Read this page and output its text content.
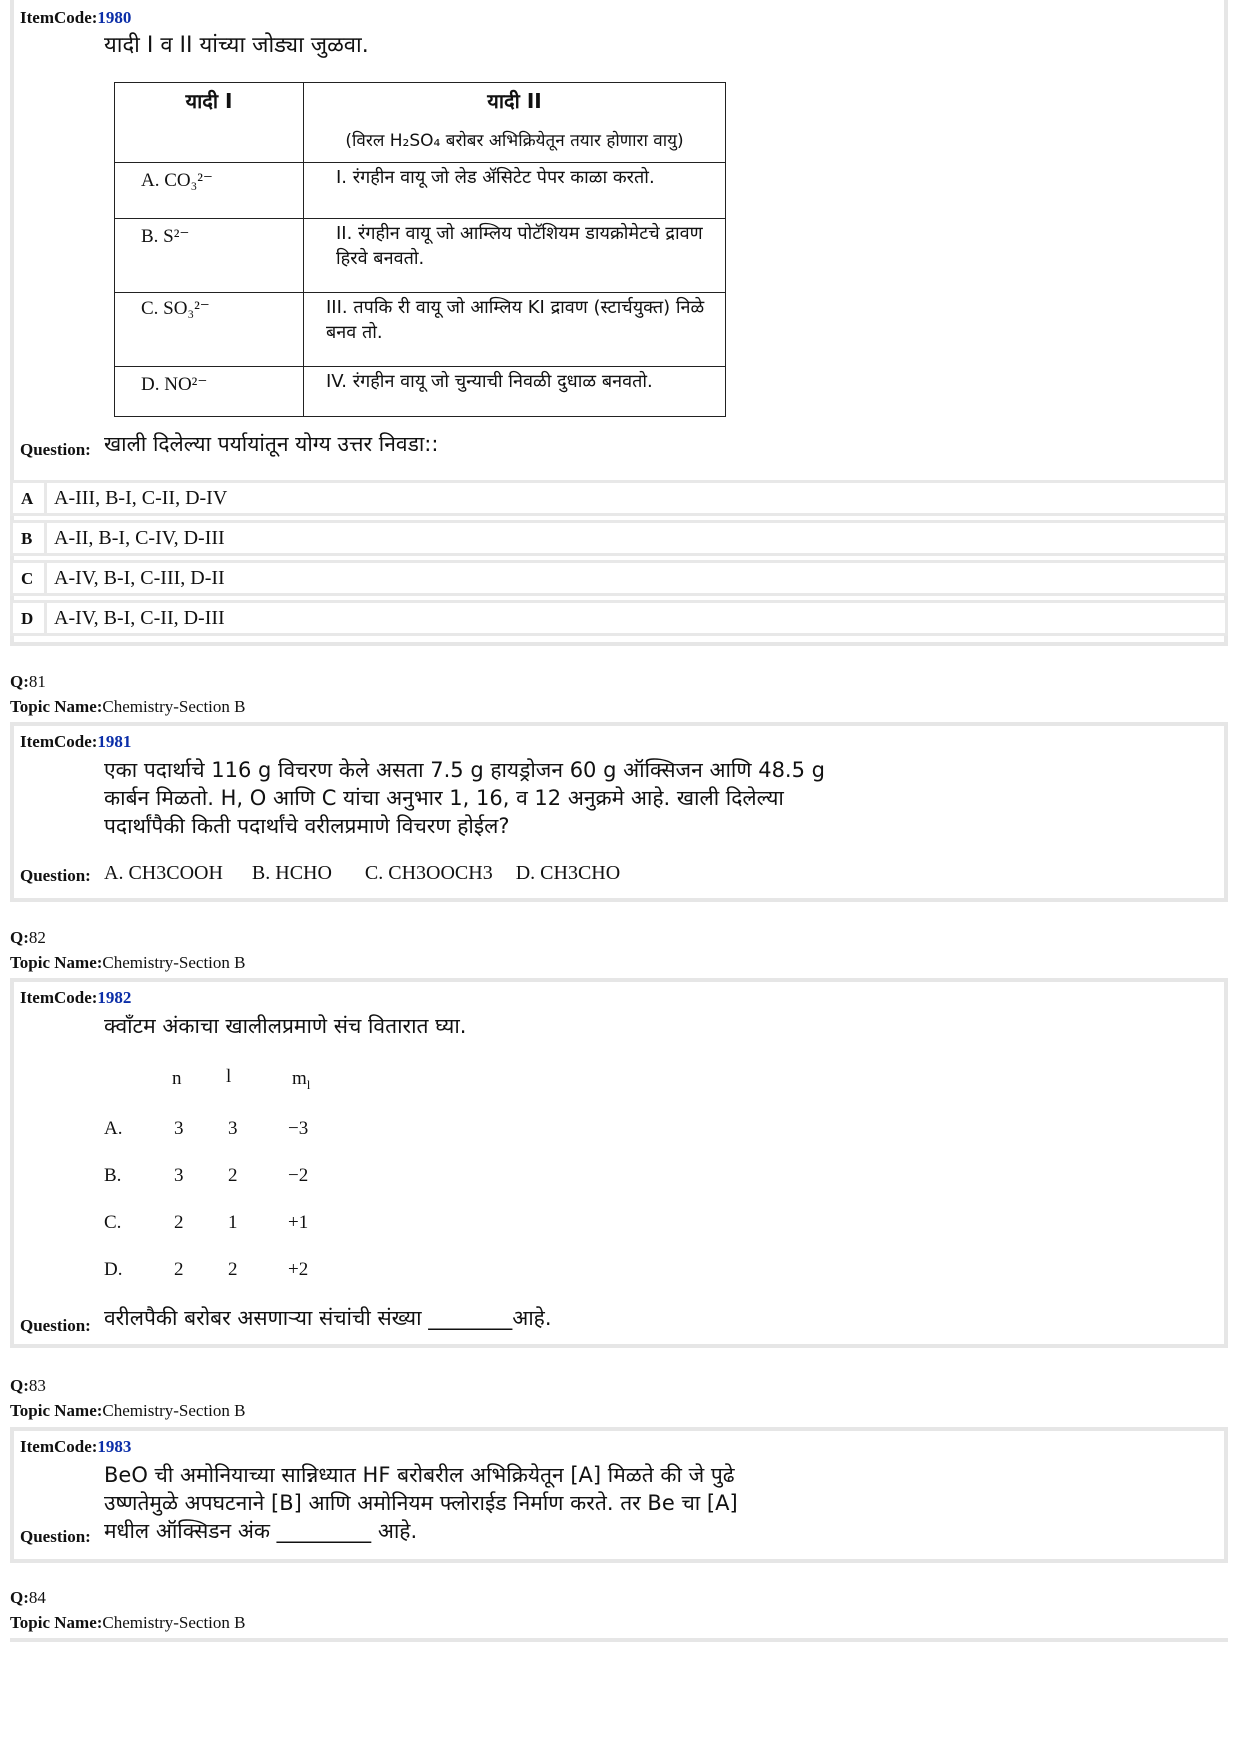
ItemCode:1980
यादी I व II यांच्या जोड्या जुळवा.
यादी I	यादी II
(विरल H₂SO₄ बरोबर अभिक्रियेतून तयार होणारा वायु)

A. CO₃²⁻	I. रंगहीन वायू जो लेड ॲसिटेट पेपर काळा करतो.

B. S²⁻	II. रंगहीन वायू जो आम्लिय पोटॅशियम डायक्रोमेटचे द्रावण हिरवे बनवतो.

C. SO₃²⁻	III. तपकि री वायू जो आम्लिय KI द्रावण (स्टार्चयुक्त) निळे बनव तो.

D. NO²⁻	IV. रंगहीन वायू जो चुन्याची निवळी दुधाळ बनवतो.
Question: खाली दिलेल्या पर्यायांतून योग्य उत्तर निवडा::
A	A-III, B-I, C-II, D-IV
B	A-II, B-I, C-IV, D-III
C	A-IV, B-I, C-III, D-II
D	A-IV, B-I, C-II, D-III
Q:81
Topic Name:Chemistry-Section B
ItemCode:1981
एका पदार्थाचे 116 g विचरण केले असता 7.5 g हायड्रोजन 60 g ऑक्सिजन आणि 48.5 g
कार्बन मिळतो. H, O आणि C यांचा अनुभार 1, 16, व 12 अनुक्रमे आहे. खाली दिलेल्या
पदार्थांपैकी किती पदार्थांचे वरीलप्रमाणे विचरण होईल?
Question: A. CH3COOH B. HCHO C. CH3OOCH3 D. CH3CHO
Q:82
Topic Name:Chemistry-Section B
ItemCode:1982
क्वाँटम अंकाचा खालीलप्रमाणे संच वितारात घ्या.
n l	$m_l$
A.	3 3	−3
B.	3 2	−2
C.	2 1	+1
D.	2 2	+2
Question: वरीलपैकी बरोबर असणाऱ्या संचांची संख्या ________आहे.
Q:83
Topic Name:Chemistry-Section B
ItemCode:1983
BeO ची अमोनियाच्या सान्निध्यात HF बरोबरील अभिक्रियेतून [A] मिळते की जे पुढे
उष्णतेमुळे अपघटनाने [B] आणि अमोनियम फ्लोराईड निर्माण करते. तर Be चा [A]
मधील ऑक्सिडन अंक _________ आहे.
Question:
Q:84
Topic Name:Chemistry-Section B
